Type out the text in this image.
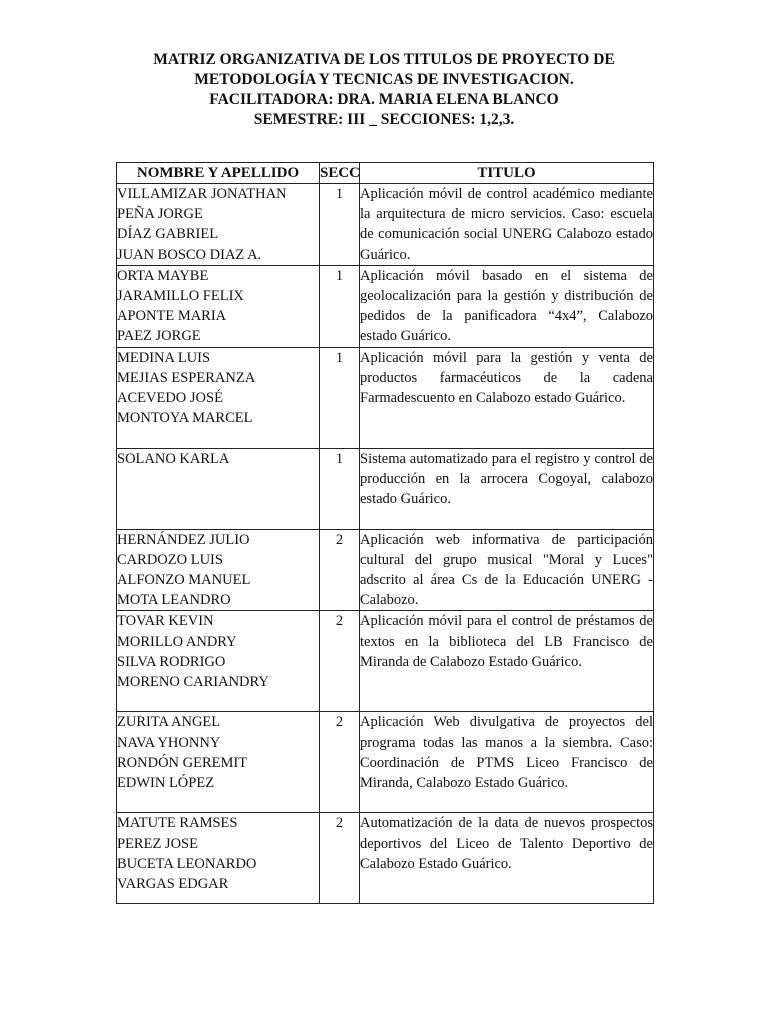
MATRIZ ORGANIZATIVA DE LOS TITULOS DE PROYECTO DE
METODOLOGÍA Y TECNICAS DE INVESTIGACION.
FACILITADORA: DRA. MARIA ELENA BLANCO
SEMESTRE: III _ SECCIONES: 1,2,3.
NOMBRE Y APELLIDO	SECC	TITULO

VILLAMIZAR JONATHAN
PEÑA JORGE
DÍAZ GABRIEL
JUAN BOSCO DIAZ A.	1	Aplicación móvil de control académico mediante la arquitectura de micro servicios. Caso: escuela de comunicación social UNERG Calabozo estado Guárico.

ORTA MAYBE
JARAMILLO FELIX
APONTE MARIA
PAEZ JORGE	1	Aplicación móvil basado en el sistema de geolocalización para la gestión y distribución de pedidos de la panificadora “4x4”, Calabozo estado Guárico.

MEDINA LUIS
MEJIAS ESPERANZA
ACEVEDO JOSÉ
MONTOYA MARCEL	1	Aplicación móvil para la gestión y venta de productos farmacéuticos de la cadena Farmadescuento en Calabozo estado Guárico.

SOLANO KARLA	1	Sistema automatizado para el registro y control de producción en la arrocera Cogoyal, calabozo estado Guárico.

HERNÁNDEZ JULIO
CARDOZO LUIS
ALFONZO MANUEL
MOTA LEANDRO	2	Aplicación web informativa de participación cultural del grupo musical "Moral y Luces" adscrito al área Cs de la Educación UNERG - Calabozo.

TOVAR KEVIN
MORILLO ANDRY
SILVA RODRIGO
MORENO CARIANDRY	2	Aplicación móvil para el control de préstamos de textos en la biblioteca del LB Francisco de Miranda de Calabozo Estado Guárico.

ZURITA ANGEL
NAVA YHONNY
RONDÓN GEREMIT
EDWIN LÓPEZ	2	Aplicación Web divulgativa de proyectos del programa todas las manos a la siembra. Caso: Coordinación de PTMS Liceo Francisco de Miranda, Calabozo Estado Guárico.

MATUTE RAMSES
PEREZ JOSE
BUCETA LEONARDO
VARGAS EDGAR	2	Automatización de la data de nuevos prospectos deportivos del Liceo de Talento Deportivo de Calabozo Estado Guárico.
